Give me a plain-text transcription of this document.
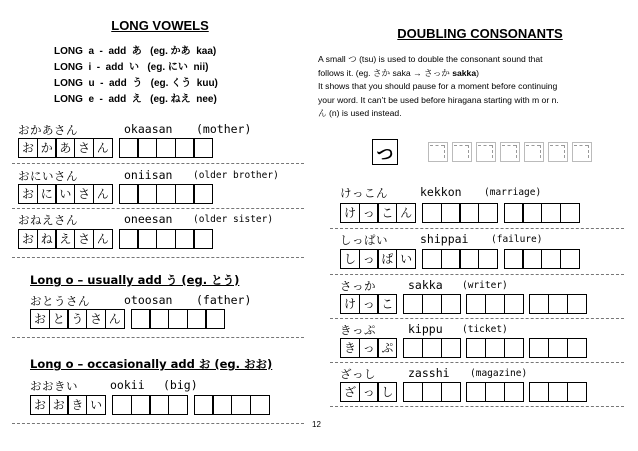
LONG VOWELS
LONG  a  -  add  あ   (eg. かあ  kaa)
LONG  i  -  add  い   (eg. にい  nii)
LONG  u  -  add  う   (eg. くう  kuu)
LONG  e  -  add  え   (eg. ねえ  nee)
おかあさん	okaasan (mother)
お か あ さ ん
おにいさん	oniisan (older brother)
お に い さ ん
おねえさん	oneesan (older sister)
お ね え さ ん
Long o – usually add う (eg. とう)
おとうさん	otoosan (father)
お と う さ ん
Long o – occasionally add お (eg. おお)
おおきい	ookii (big)
お お き い
DOUBLING CONSONANTS
A small つ (tsu) is used to double the consonant sound that
follows it. (eg. さか saka → さっか sakka)
It shows that you should pause for a moment before continuing
your word. It can’t be used before hiragana starting with m or n.
ん (n) is used instead.
つ
けっこん	kekkon (marriage)
け っ こ ん
しっぱい	shippai (failure)
し っ ぱ い
さっか	sakka (writer)
け っ こ
きっぷ	kippu (ticket)
き っ ぷ
ざっし	zasshi (magazine)
ざ っ し
12
